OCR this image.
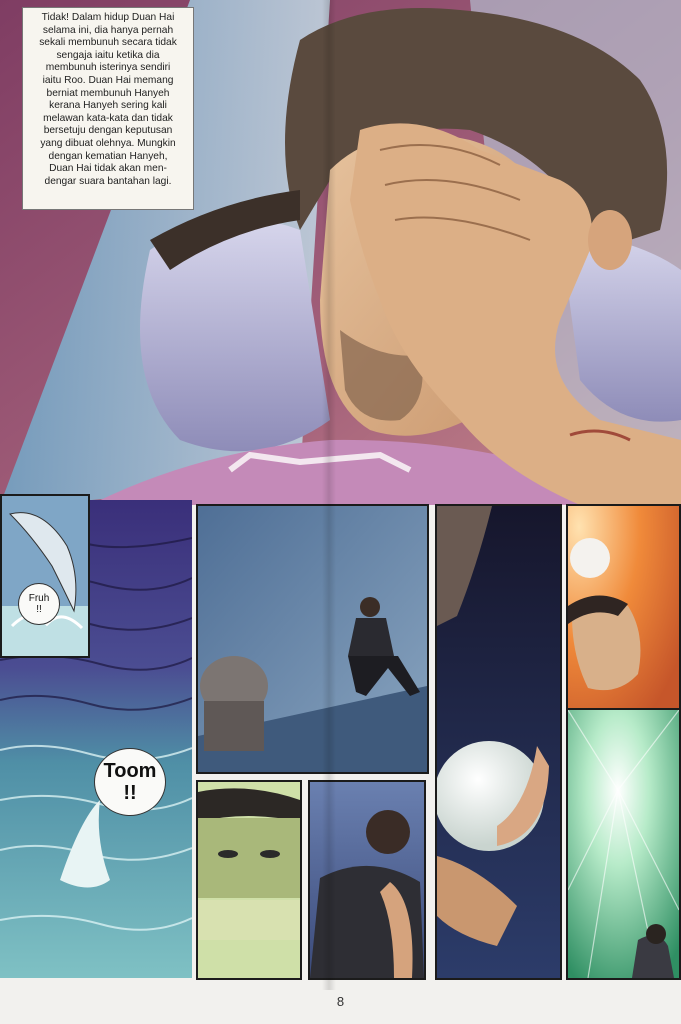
Tidak! Dalam hidup Duan Hai
selama ini, dia hanya pernah
sekali membunuh secara tidak
sengaja iaitu ketika dia
membunuh isterinya sendiri
iaitu Roo. Duan Hai memang
berniat membunuh Hanyeh
kerana Hanyeh sering kali
melawan kata-kata dan tidak
bersetuju dengan keputusan
yang dibuat olehnya. Mungkin
dengan kematian Hanyeh,
Duan Hai tidak akan men-
dengar suara bantahan lagi.
Fruh
!!
Toom
!!
8
